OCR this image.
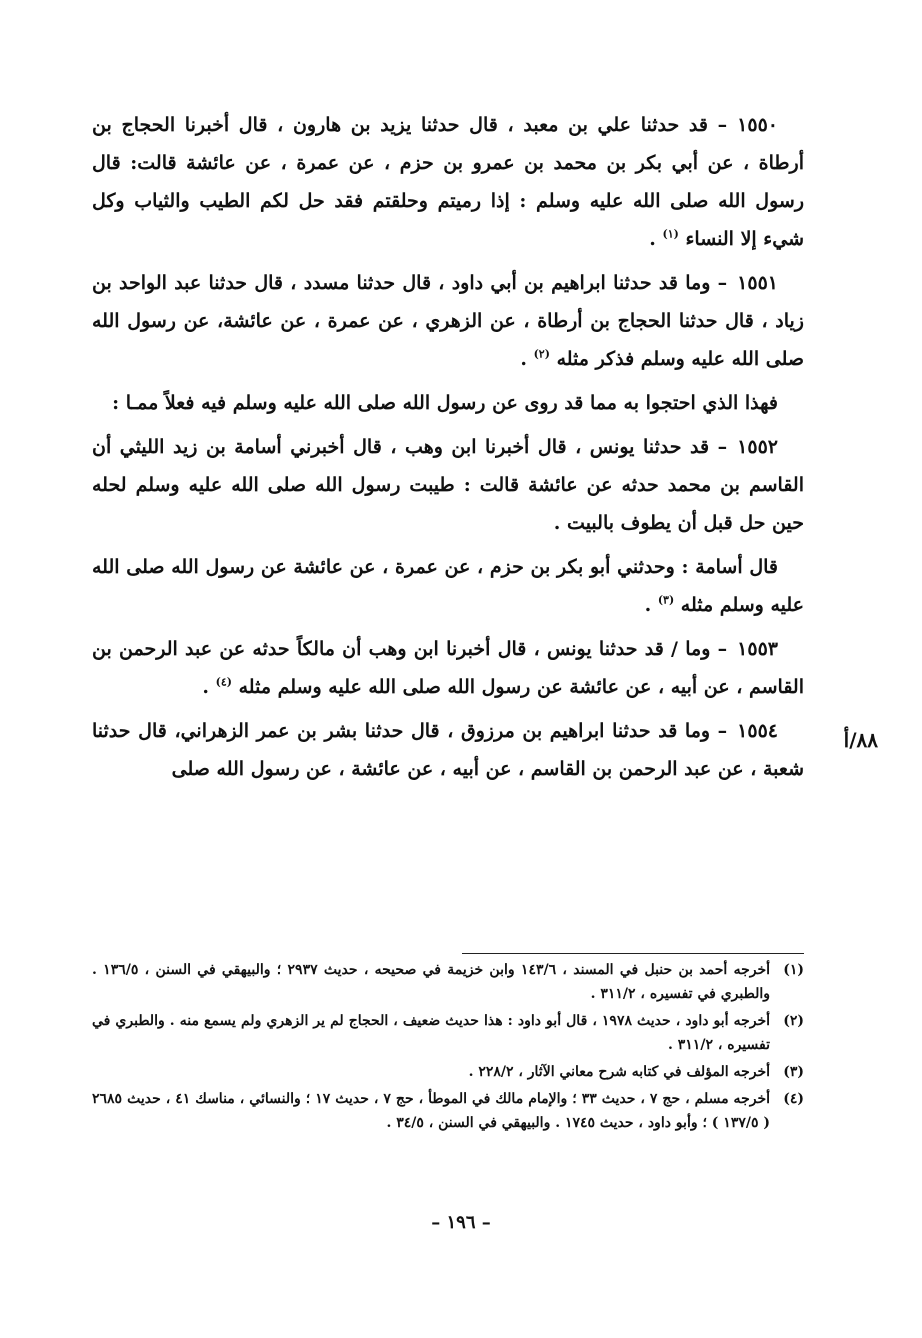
١٥٥٠– قد حدثنا علي بن معبد ، قال حدثنا يزيد بن هارون ، قال أخبرنا الحجاج بن أرطاة ، عن أبي بكر بن محمد بن عمرو بن حزم ، عن عمرة ، عن عائشة قالت: قال رسول الله صلى الله عليه وسلم : إذا رميتم وحلقتم فقد حل لكم الطيب والثياب وكل شيء إلا النساء $^{(١)}$ .

١٥٥١– وما قد حدثنا ابراهيم بن أبي داود ، قال حدثنا مسدد ، قال حدثنا عبد الواحد بن زياد ، قال حدثنا الحجاج بن أرطاة ، عن الزهري ، عن عمرة ، عن عائشة، عن رسول الله صلى الله عليه وسلم فذكر مثله $^{(٢)}$ .

فهذا الذي احتجوا به مما قد روى عن رسول الله صلى الله عليه وسلم فيه فعلاً ممـا :

١٥٥٢– قد حدثنا يونس ، قال أخبرنا ابن وهب ، قال أخبرني أسامة بن زيد الليثي أن القاسم بن محمد حدثه عن عائشة قالت : طيبت رسول الله صلى الله عليه وسلم لحله حين حل قبل أن يطوف بالبيت .

قال أسامة : وحدثني أبو بكر بن حزم ، عن عمرة ، عن عائشة عن رسول الله صلى الله عليه وسلم مثله $^{(٣)}$ .

١٥٥٣– وما / قد حدثنا يونس ، قال أخبرنا ابن وهب أن مالكاً حدثه عن عبد الرحمن بن القاسم ، عن أبيه ، عن عائشة عن رسول الله صلى الله عليه وسلم مثله $^{(٤)}$ .

١٥٥٤– وما قد حدثنا ابراهيم بن مرزوق ، قال حدثنا بشر بن عمر الزهراني، قال حدثنا شعبة ، عن عبد الرحمن بن القاسم ، عن أبيه ، عن عائشة ، عن رسول الله صلى

٨٨/أ
(١)
أخرجه أحمد بن حنبل في المسند ، ١٤٣/٦ وابن خزيمة في صحيحه ، حديث ٢٩٣٧ ؛ والبيهقي في السنن ، ١٣٦/٥ . والطبري في تفسيره ، ٣١١/٢ .
(٢)
أخرجه أبو داود ، حديث ١٩٧٨ ، قال أبو داود : هذا حديث ضعيف ، الحجاج لم ير الزهري ولم يسمع منه . والطبري في تفسيره ، ٣١١/٢ .
(٣)
أخرجه المؤلف في كتابه شرح معاني الآثار ، ٢٢٨/٢ .
(٤)
أخرجه مسلم ، حج ٧ ، حديث ٣٣ ؛ والإمام مالك في الموطأ ، حج ٧ ، حديث ١٧ ؛ والنسائي ، مناسك ٤١ ، حديث ٢٦٨٥ ( ١٣٧/٥ ) ؛ وأبو داود ، حديث ١٧٤٥ . والبيهقي في السنن ، ٣٤/٥ .
– ١٩٦ –
